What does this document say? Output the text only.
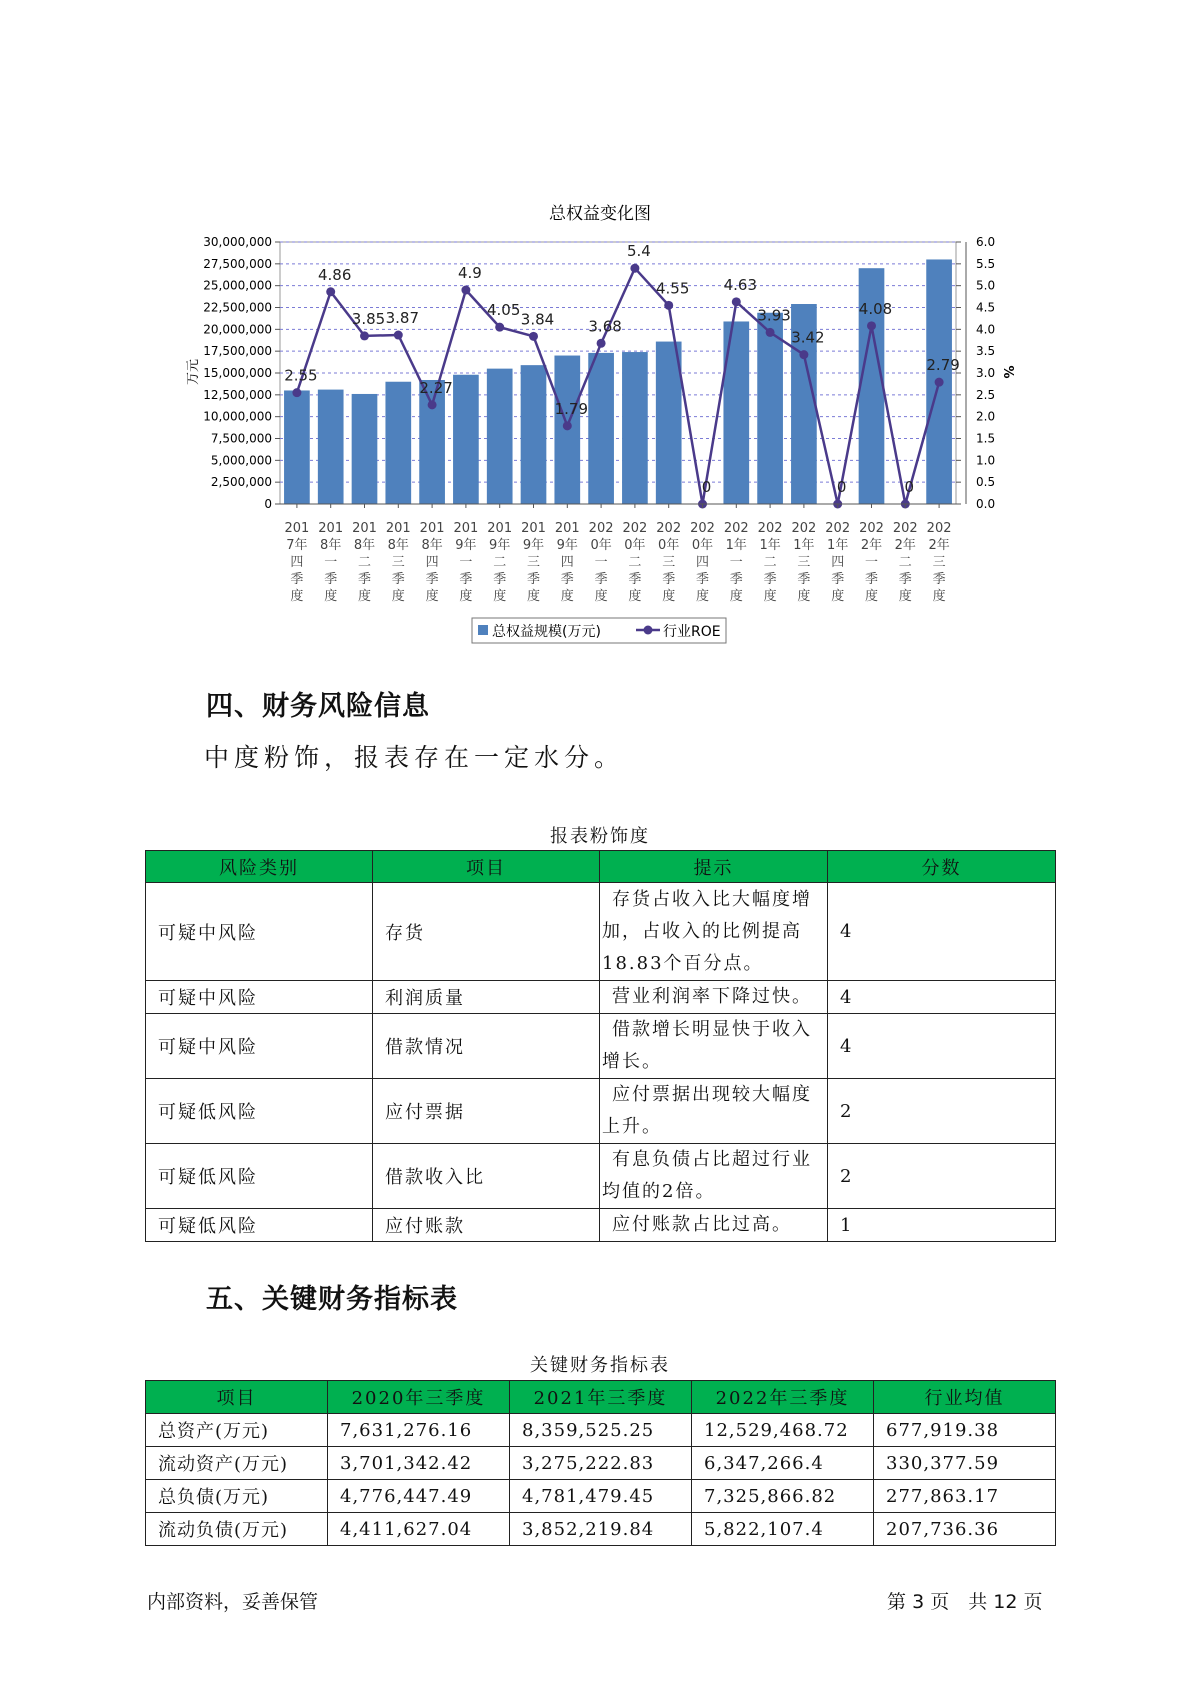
总权益变化图
0
2,500,000
5,000,000
7,500,000
10,000,000
12,500,000
15,000,000
17,500,000
20,000,000
22,500,000
25,000,000
27,500,000
30,000,000
0.0
0.5
1.0
1.5
2.0
2.5
3.0
3.5
4.0
4.5
5.0
5.5
6.0
2.55
4.86
3.85 3.87
2.27
4.9
4.05
3.84
1.79
3.68
5.4
4.55
0
4.63
3.93
3.42
0
4.08
0
2.79
201
7年
四
季
度
201
8年
一
季
度
201
8年
二
季
度
201
8年
三
季
度
201
8年
四
季
度
201
9年
一
季
度
201
9年
二
季
度
201
9年
三
季
度
201
9年
四
季
度
202
0年
一
季
度
202
0年
二
季
度
202
0年
三
季
度
202
0年
四
季
度
202
1年
一
季
度
202
1年
二
季
度
202
1年
三
季
度
202
1年
四
季
度
202
2年
一
季
度
202
2年
二
季
度
202
2年
三
季
度
万元	%
总权益规模(万元)	行业ROE
四、财务风险信息
中度粉饰，报表存在一定水分。
报表粉饰度
风险类别	项目	提示	分数
可疑中风险	存货	存货占收入比大幅度增加，占收入的比例提高18.83个百分点。	4
可疑中风险	利润质量	营业利润率下降过快。	4
可疑中风险	借款情况	借款增长明显快于收入增长。	4
可疑低风险	应付票据	应付票据出现较大幅度上升。	2
可疑低风险	借款收入比	有息负债占比超过行业均值的2倍。	2
可疑低风险	应付账款	应付账款占比过高。	1
五、关键财务指标表
关键财务指标表
项目	2020年三季度	2021年三季度	2022年三季度	行业均值
总资产(万元)	7,631,276.16	8,359,525.25	12,529,468.72	677,919.38
流动资产(万元)	3,701,342.42	3,275,222.83	6,347,266.4	330,377.59
总负债(万元)	4,776,447.49	4,781,479.45	7,325,866.82	277,863.17
流动负债(万元)	4,411,627.04	3,852,219.84	5,822,107.4	207,736.36
内部资料，妥善保管	第 3 页　共 12 页
